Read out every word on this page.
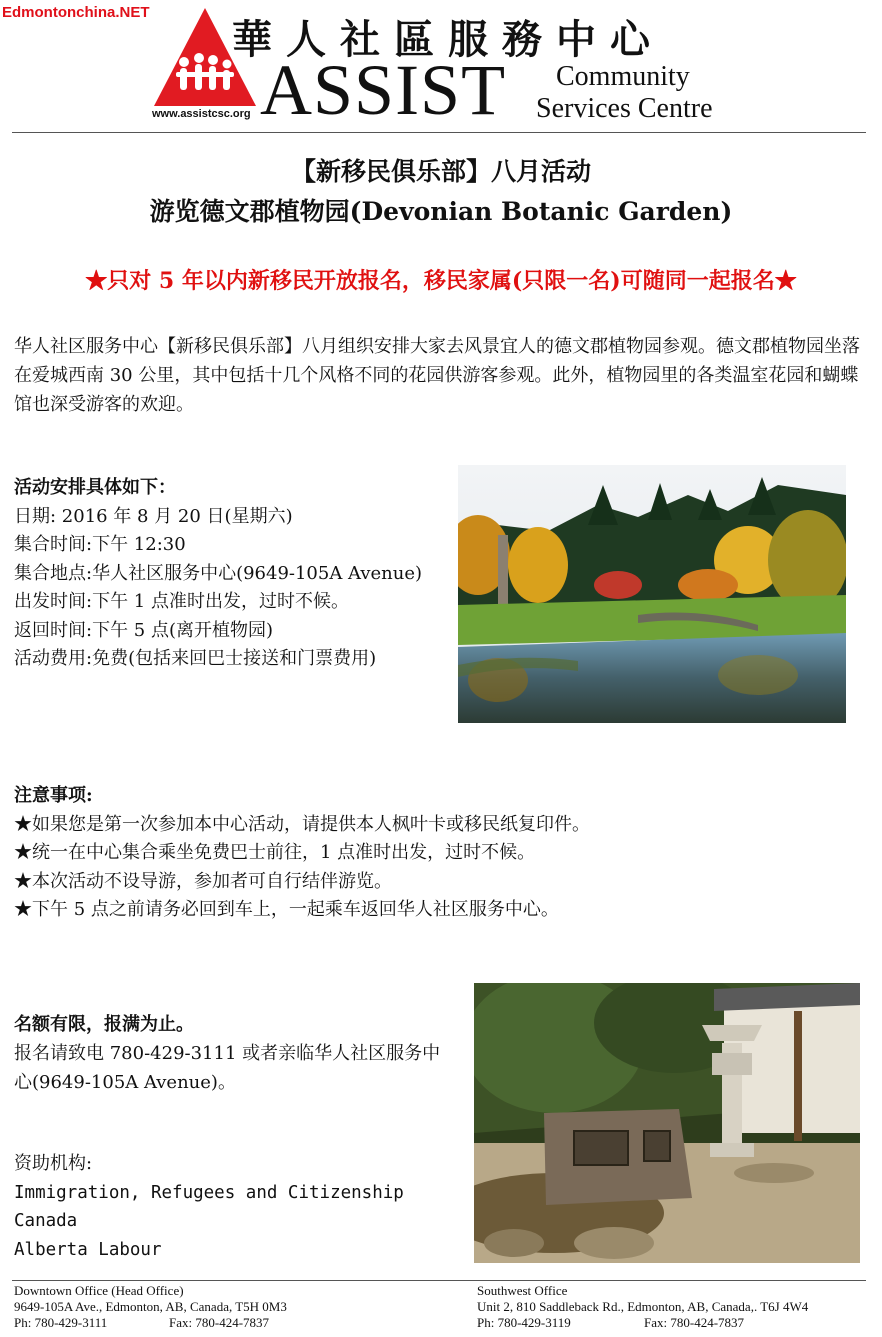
Edmontonchina.NET
www.assistcsc.org
華人社區服務中心
ASSIST Community
Services Centre
【新移民俱乐部】八月活动
游览德文郡植物园(Devonian Botanic Garden)
★只对 5 年以内新移民开放报名，移民家属(只限一名)可随同一起报名★
华人社区服务中心【新移民俱乐部】八月组织安排大家去风景宜人的德文郡植物园参观。德文郡植物园坐落在爱城西南 30 公里，其中包括十几个风格不同的花园供游客参观。此外，植物园里的各类温室花园和蝴蝶馆也深受游客的欢迎。
活动安排具体如下：
日期: 2016 年 8 月 20 日(星期六)
集合时间:下午 12:30
集合地点:华人社区服务中心(9649-105A Avenue)
出发时间:下午 1 点准时出发，过时不候。
返回时间:下午 5 点(离开植物园)
活动费用:免费(包括来回巴士接送和门票费用)
注意事项:
★如果您是第一次参加本中心活动，请提供本人枫叶卡或移民纸复印件。
★统一在中心集合乘坐免费巴士前往，1 点准时出发，过时不候。
★本次活动不设导游，参加者可自行结伴游览。
★下午 5 点之前请务必回到车上，一起乘车返回华人社区服务中心。
名额有限，报满为止。
报名请致电 780-429-3111 或者亲临华人社区服务中心(9649-105A Avenue)。
资助机构:
Immigration, Refugees and Citizenship Canada
Alberta Labour
Downtown Office (Head Office)
9649-105A Ave., Edmonton, AB, Canada, T5H 0M3
Ph: 780-429-3111	Fax: 780-424-7837
Southwest Office
Unit 2, 810 Saddleback Rd., Edmonton, AB, Canada,. T6J 4W4
Ph: 780-429-3119	Fax: 780-424-7837
